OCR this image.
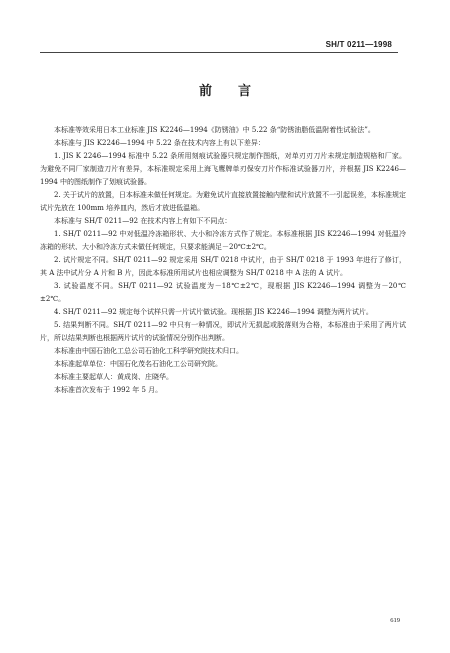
SH/T 0211—1998
前言

本标准等效采用日本工业标准 JIS K2246—1994《防锈油》中 5.22 条“防锈油脂低温附着性试验法”。

本标准与 JIS K2246—1994 中 5.22 条在技术内容上有以下差异：

1. JIS K 2246—1994 标准中 5.22 条所用刻痕试验器只规定制作图纸，对单刃刃刀片未规定制造规格和厂家。为避免不同厂家制造刀片有差异，本标准规定采用上海飞鹰牌单刃保安刀片作标准试验器刀片，并根据 JIS K2246—1994 中的图纸制作了划痕试验器。

2. 关于试片的放置，日本标准未做任何规定。为避免试片直接放置接触内壁和试片放置不一引起误差，本标准规定试片先放在 100mm 培养皿内，然后才放进低温箱。

本标准与 SH/T 0211—92 在技术内容上有如下不同点：

1. SH/T 0211—92 中对低温冷冻箱形状、大小和冷冻方式作了规定。本标准根据 JIS K2246—1994 对低温冷冻箱的形状、大小和冷冻方式未做任何规定，只要求能满足－20℃±2℃。

2. 试片规定不同。SH/T 0211—92 规定采用 SH/T 0218 中试片，由于 SH/T 0218 于 1993 年进行了修订，其 A 法中试片分 A 片和 B 片，因此本标准所用试片也相应调整为 SH/T 0218 中 A 法的 A 试片。

3. 试验温度不同。SH/T 0211—92 试验温度为－18℃±2℃，现根据 JIS K2246—1994 调整为－20℃±2℃。

4. SH/T 0211—92 规定每个试样只需一片试片做试验。现根据 JIS K2246—1994 调整为两片试片。

5. 结果判断不同。SH/T 0211—92 中只有一种情况，即试片无损起或脱落则为合格，本标准由于采用了两片试片，所以结果判断也根据两片试片的试验情况分别作出判断。

本标准由中国石油化工总公司石油化工科学研究院技术归口。

本标准起草单位：中国石化茂名石油化工公司研究院。

本标准主要起草人：黄成岗、庄晓华。

本标准首次发布于 1992 年 5 月。

619
